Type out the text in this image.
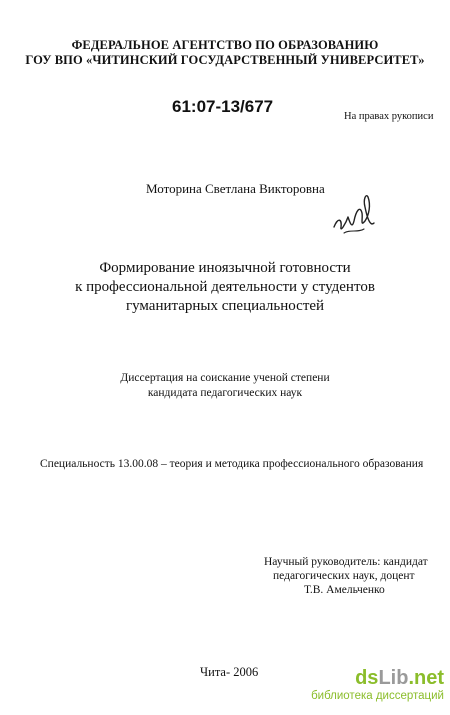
ФЕДЕРАЛЬНОЕ АГЕНТСТВО ПО ОБРАЗОВАНИЮ
ГОУ ВПО «ЧИТИНСКИЙ ГОСУДАРСТВЕННЫЙ УНИВЕРСИТЕТ»
61:07-13/677
На правах рукописи
Моторина Светлана Викторовна
Формирование иноязычной готовности
к профессиональной деятельности у студентов
гуманитарных специальностей
Диссертация на соискание ученой степени
кандидата педагогических наук
Специальность 13.00.08 – теория и методика профессионального образования
Научный руководитель: кандидат
педагогических наук, доцент
Т.В. Амельченко
Чита- 2006	dsLib.net
библиотека диссертаций
